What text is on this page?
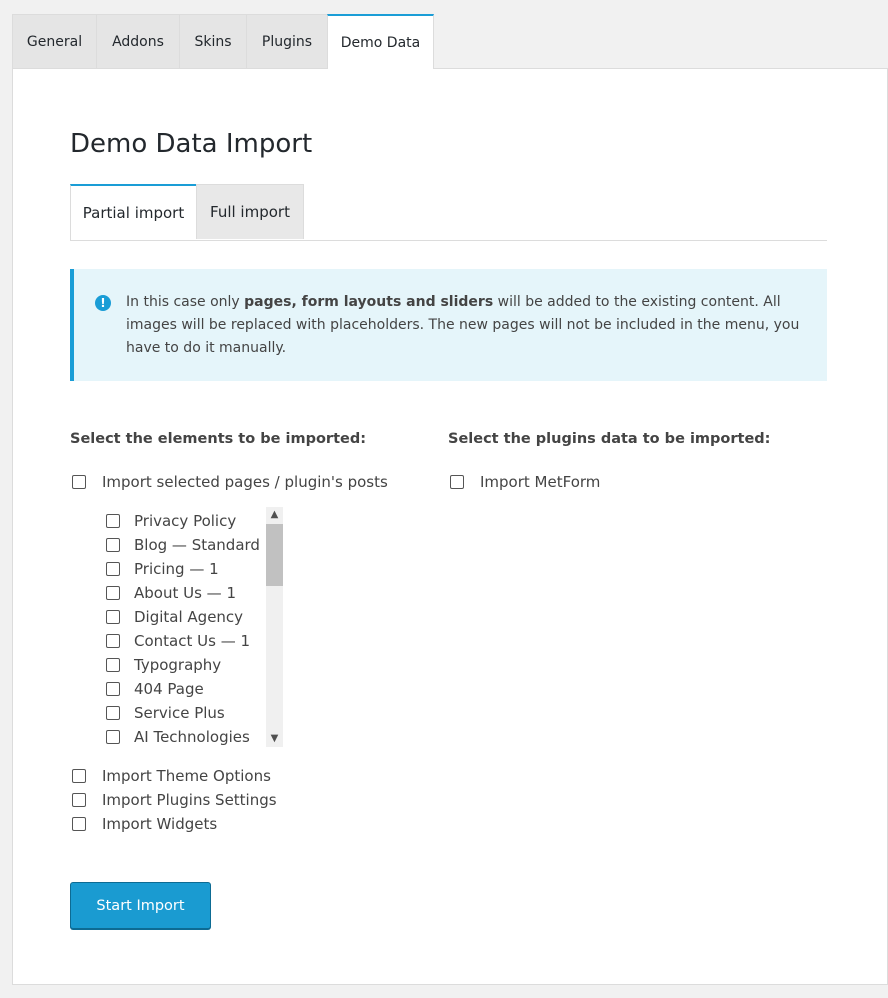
General	Addons	Skins	Plugins	Demo Data
Demo Data Import
Partial import	Full import
!	In this case only pages, form layouts and sliders will be added to the existing content. All images will be replaced with placeholders. The new pages will not be included in the menu, you have to do it manually.

Select the elements to be imported:
Import selected pages / plugin's posts
Privacy Policy
Blog — Standard
Pricing — 1
About Us — 1
Digital Agency
Contact Us — 1
Typography
404 Page
Service Plus
AI Technologies
▲
▼
Import Theme Options
Import Plugins Settings
Import Widgets
Select the plugins data to be imported:
Import MetForm
Start Import
